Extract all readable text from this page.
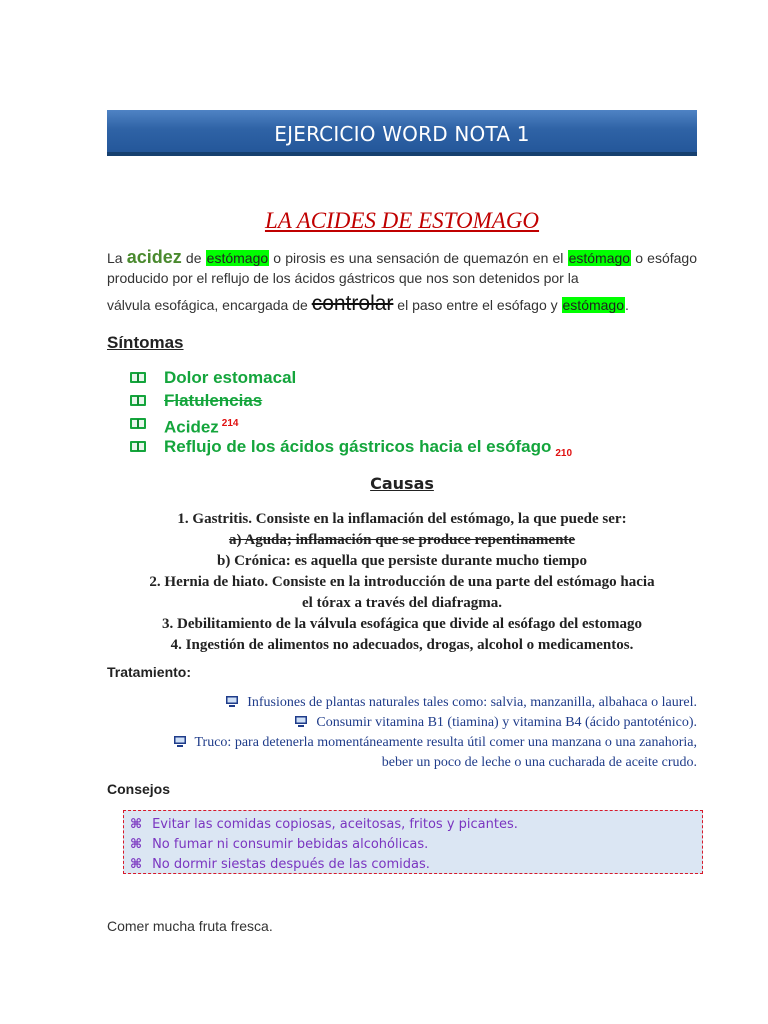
EJERCICIO WORD NOTA 1
LA ACIDES DE ESTOMAGO

La acidez de estómago o pirosis es una sensación de quemazón en el estómago o esófago producido por el reflujo de los ácidos gástricos que nos son detenidos por la

válvula esofágica, encargada de controlar el paso entre el esófago y estómago.

Síntomas
Dolor estomacal
Flatulencias
Acidez $^{214}$
Reflujo de los ácidos gástricos hacia el esófago $_{210}$
Causas
1. Gastritis. Consiste en la inflamación del estómago, la que puede ser:
a) Aguda; inflamación que se produce repentinamente
b) Crónica: es aquella que persiste durante mucho tiempo
2. Hernia de hiato. Consiste en la introducción de una parte del estómago hacia
el tórax a través del diafragma.
3. Debilitamiento de la válvula esofágica que divide al esófago del estomago
4. Ingestión de alimentos no adecuados, drogas, alcohol o medicamentos.
Tratamiento:
Infusiones de plantas naturales tales como: salvia, manzanilla, albahaca o laurel.
Consumir vitamina B1 (tiamina) y vitamina B4 (ácido pantoténico).
Truco: para detenerla momentáneamente resulta útil comer una manzana o una zanahoria,
beber un poco de leche o una cucharada de aceite crudo.
Consejos
⌘ Evitar las comidas copiosas, aceitosas, fritos y picantes.
⌘ No fumar ni consumir bebidas alcohólicas.
⌘ No dormir siestas después de las comidas.
Comer mucha fruta fresca.
